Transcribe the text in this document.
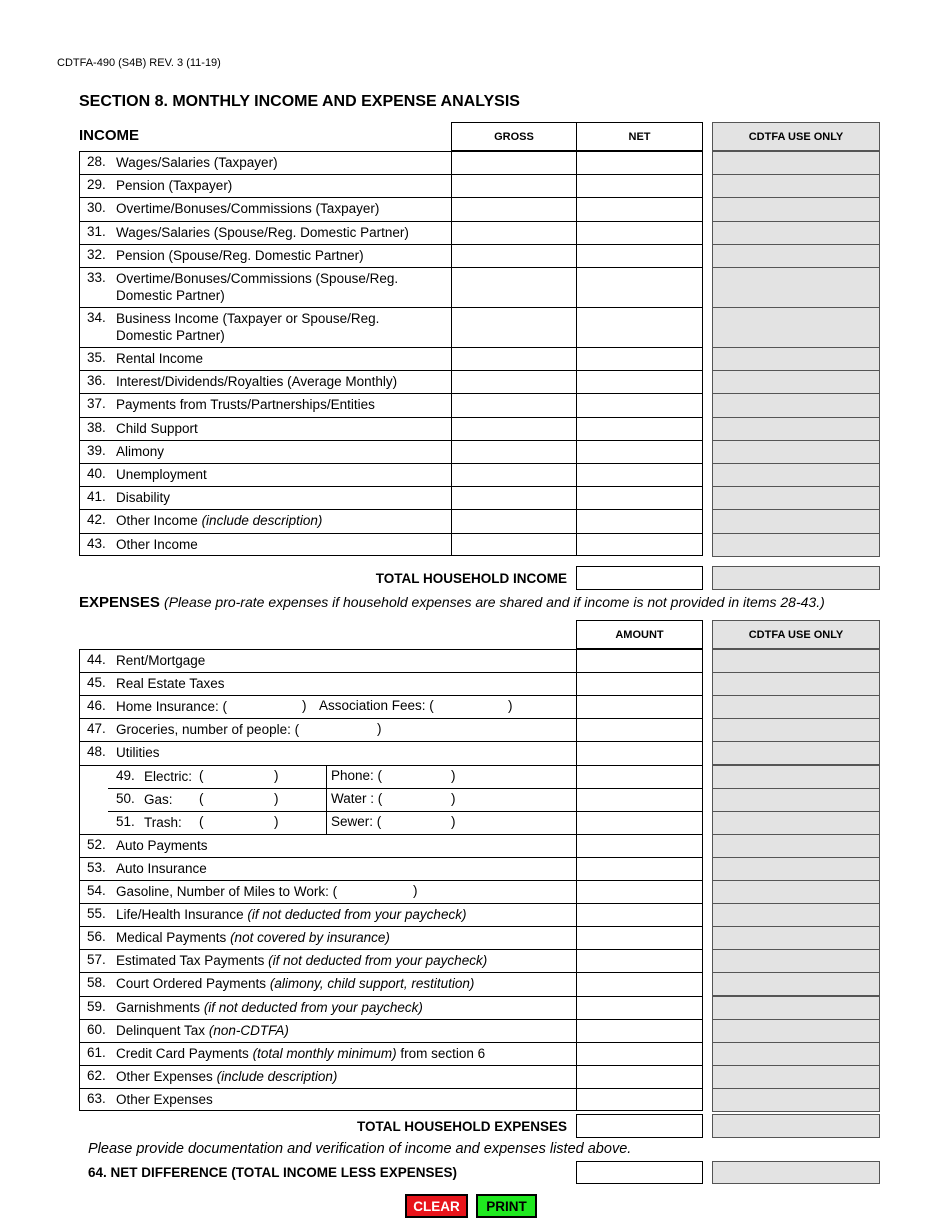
CDTFA-490 (S4B) REV. 3 (11-19)
SECTION 8. MONTHLY INCOME AND EXPENSE ANALYSIS
INCOME	GROSS	NET	CDTFA USE ONLY
28. Wages/Salaries (Taxpayer)
29. Pension (Taxpayer)
30. Overtime/Bonuses/Commissions (Taxpayer)
31. Wages/Salaries (Spouse/Reg. Domestic Partner)
32. Pension (Spouse/Reg. Domestic Partner)
33. Overtime/Bonuses/Commissions (Spouse/Reg.
Domestic Partner)
34. Business Income (Taxpayer or Spouse/Reg.
Domestic Partner)
35. Rental Income
36. Interest/Dividends/Royalties (Average Monthly)
37. Payments from Trusts/Partnerships/Entities
38. Child Support
39. Alimony
40. Unemployment
41. Disability
42. Other Income (include description)
43. Other Income
TOTAL HOUSEHOLD INCOME
EXPENSES (Please pro-rate expenses if household expenses are shared and if income is not provided in items 28-43.)
AMOUNT	CDTFA USE ONLY
44. Rent/Mortgage
45. Real Estate Taxes
46. Home Insurance: (	) Association Fees: (	)
47. Groceries, number of people: (	)
48. Utilities
49. Electric: (	)	Phone: (	)
50. Gas: (	)	Water : (	)
51. Trash: (	)	Sewer: (	)
52. Auto Payments
53. Auto Insurance
54. Gasoline, Number of Miles to Work: (	)
55. Life/Health Insurance (if not deducted from your paycheck)
56. Medical Payments (not covered by insurance)
57. Estimated Tax Payments (if not deducted from your paycheck)
58. Court Ordered Payments (alimony, child support, restitution)
59. Garnishments (if not deducted from your paycheck)
60. Delinquent Tax (non-CDTFA)
61. Credit Card Payments (total monthly minimum) from section 6
62. Other Expenses (include description)
63. Other Expenses
TOTAL HOUSEHOLD EXPENSES
Please provide documentation and verification of income and expenses listed above.
64. NET DIFFERENCE (TOTAL INCOME LESS EXPENSES)
CLEAR	PRINT
